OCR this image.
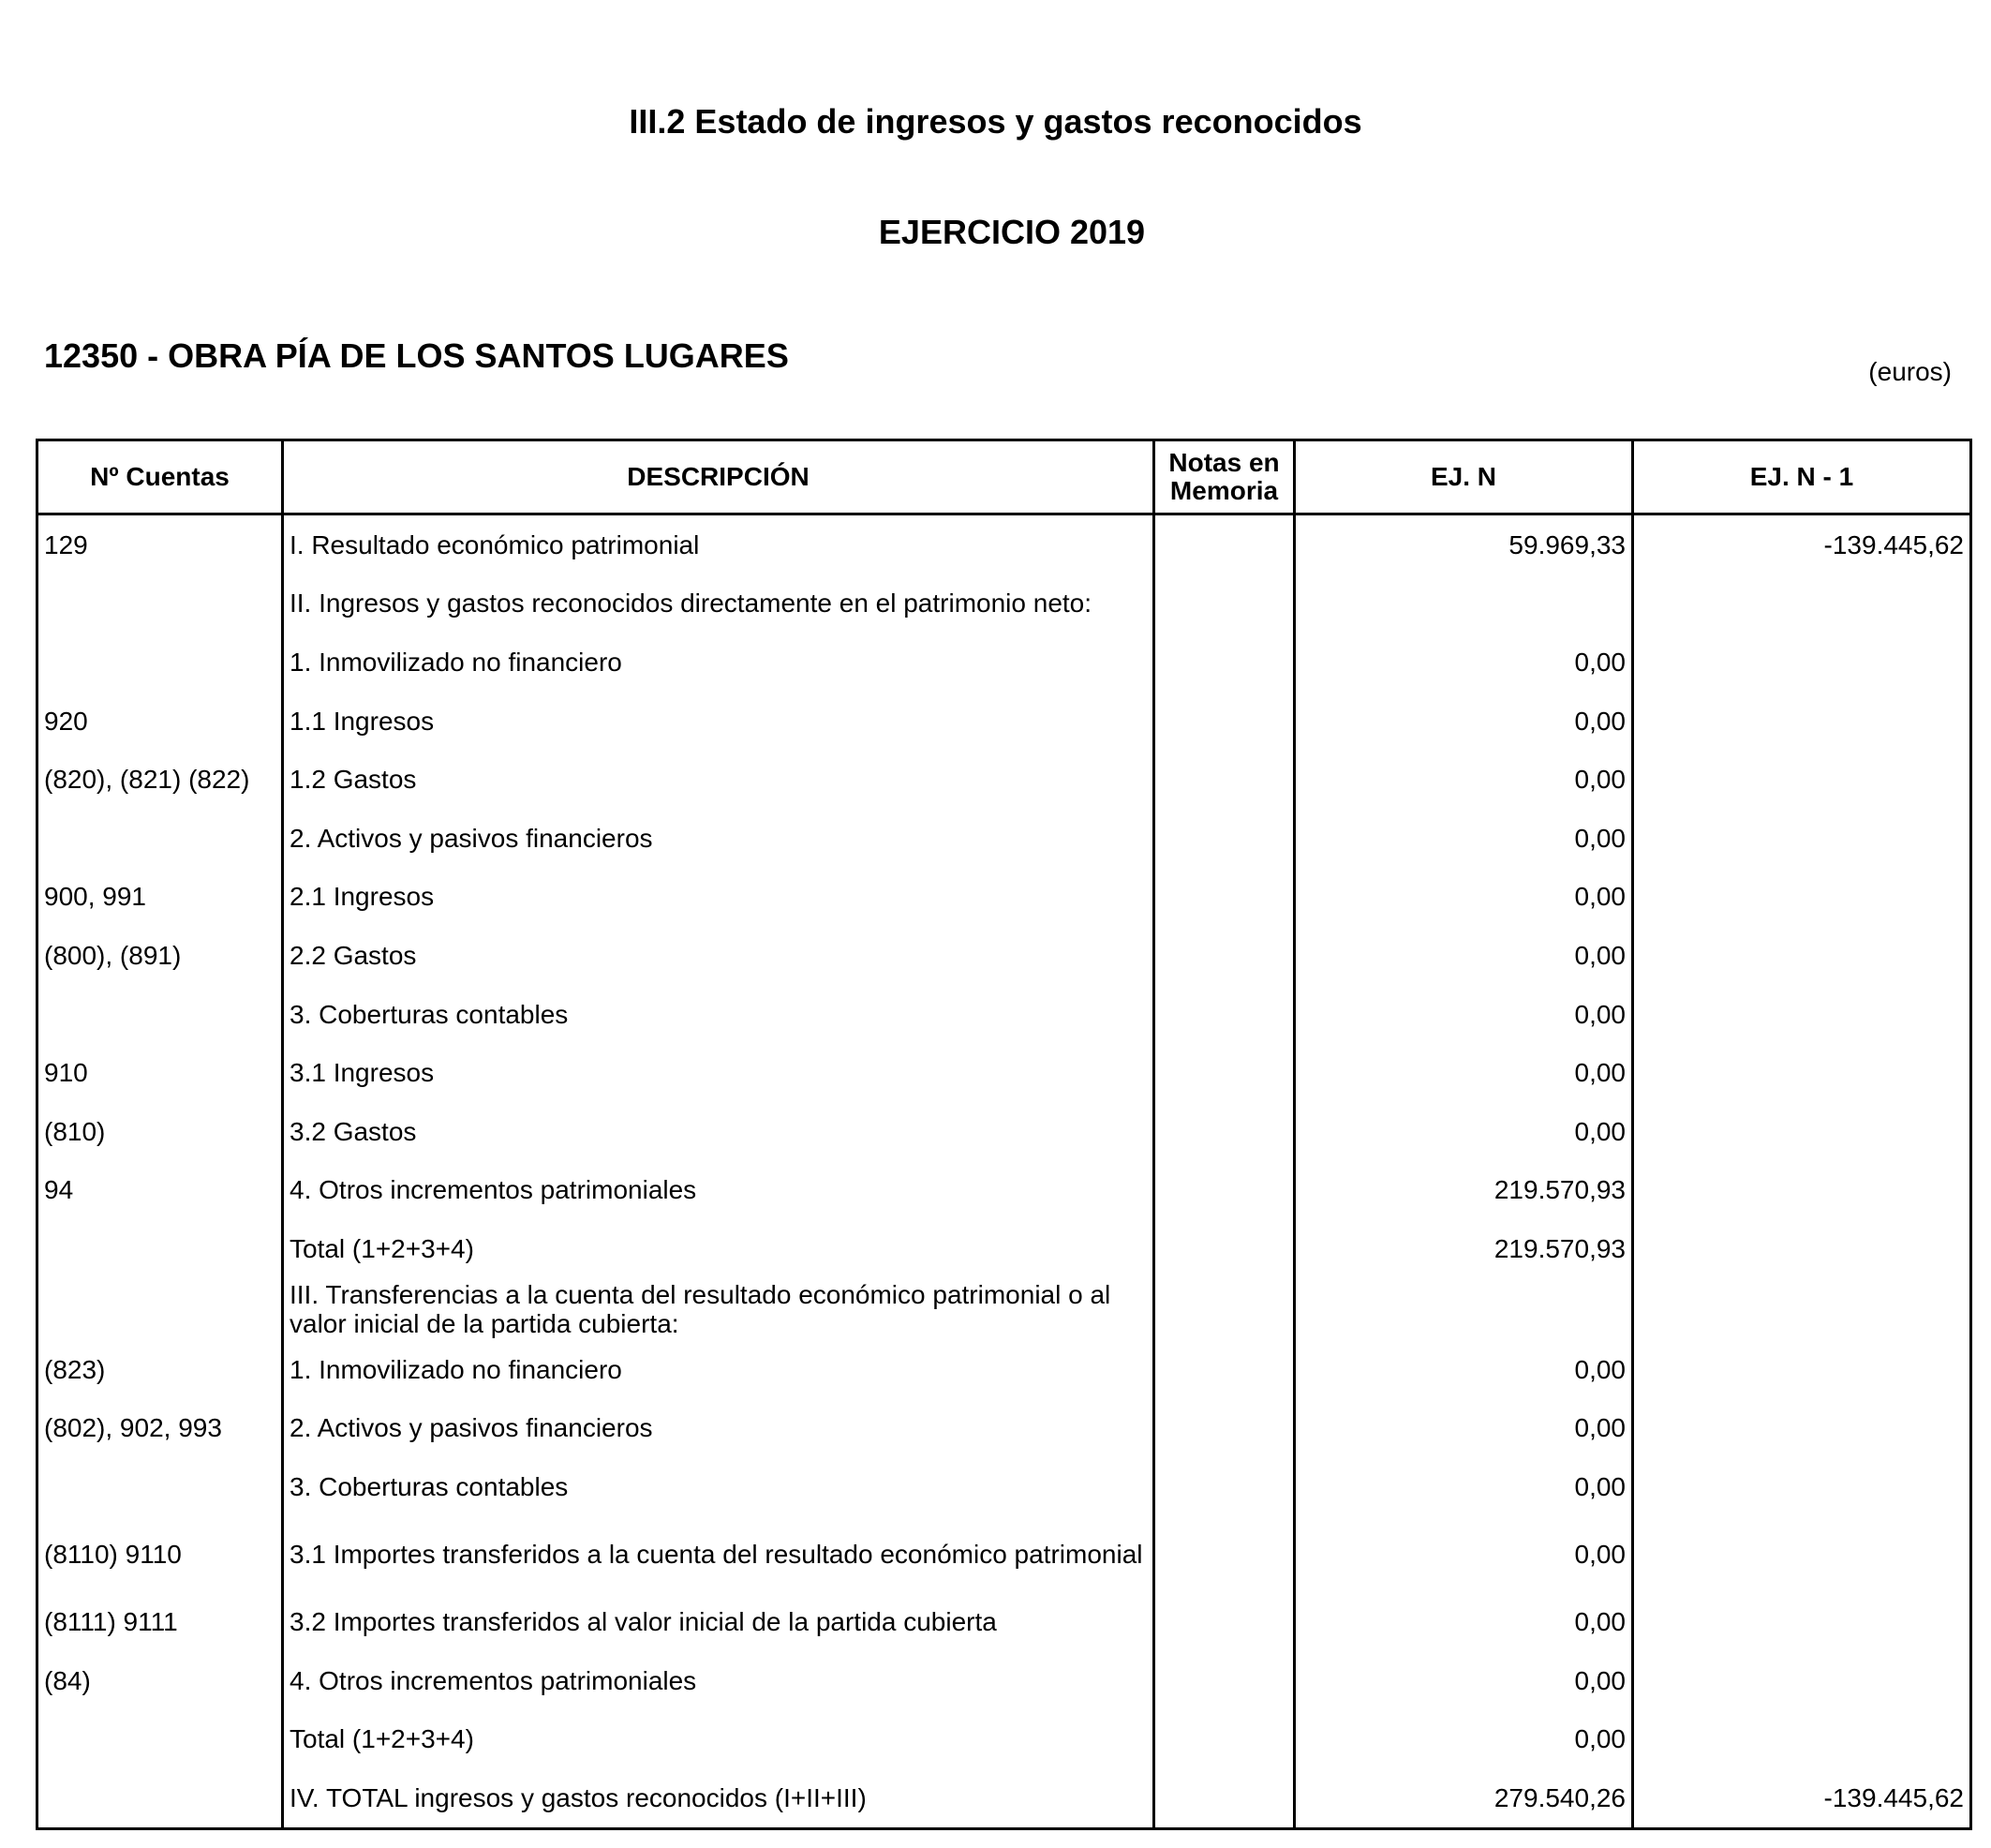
III.2 Estado de ingresos y gastos reconocidos
EJERCICIO 2019
12350 - OBRA PÍA DE LOS SANTOS LUGARES	(euros)
Nº Cuentas	DESCRIPCIÓN	Notas en Memoria	EJ. N	EJ. N - 1
129	I. Resultado económico patrimonial		59.969,33	-139.445,62
	II. Ingresos y gastos reconocidos directamente en el patrimonio neto:			
	1. Inmovilizado no financiero		0,00	
920	1.1 Ingresos		0,00	
(820), (821) (822)	1.2 Gastos		0,00	
	2. Activos y pasivos financieros		0,00	
900, 991	2.1 Ingresos		0,00	
(800), (891)	2.2 Gastos		0,00	
	3. Coberturas contables		0,00	
910	3.1 Ingresos		0,00	
(810)	3.2 Gastos		0,00	
94	4. Otros incrementos patrimoniales		219.570,93	
	Total (1+2+3+4)		219.570,93	
	III. Transferencias a la cuenta del resultado económico patrimonial o al valor inicial de la partida cubierta:			
(823)	1. Inmovilizado no financiero		0,00	
(802), 902, 993	2. Activos y pasivos financieros		0,00	
	3. Coberturas contables		0,00	
(8110) 9110	3.1 Importes transferidos a la cuenta del resultado económico patrimonial		0,00	
(8111) 9111	3.2 Importes transferidos al valor inicial de la partida cubierta		0,00	
(84)	4. Otros incrementos patrimoniales		0,00	
	Total (1+2+3+4)		0,00	
	IV. TOTAL ingresos y gastos reconocidos (I+II+III)		279.540,26	-139.445,62
